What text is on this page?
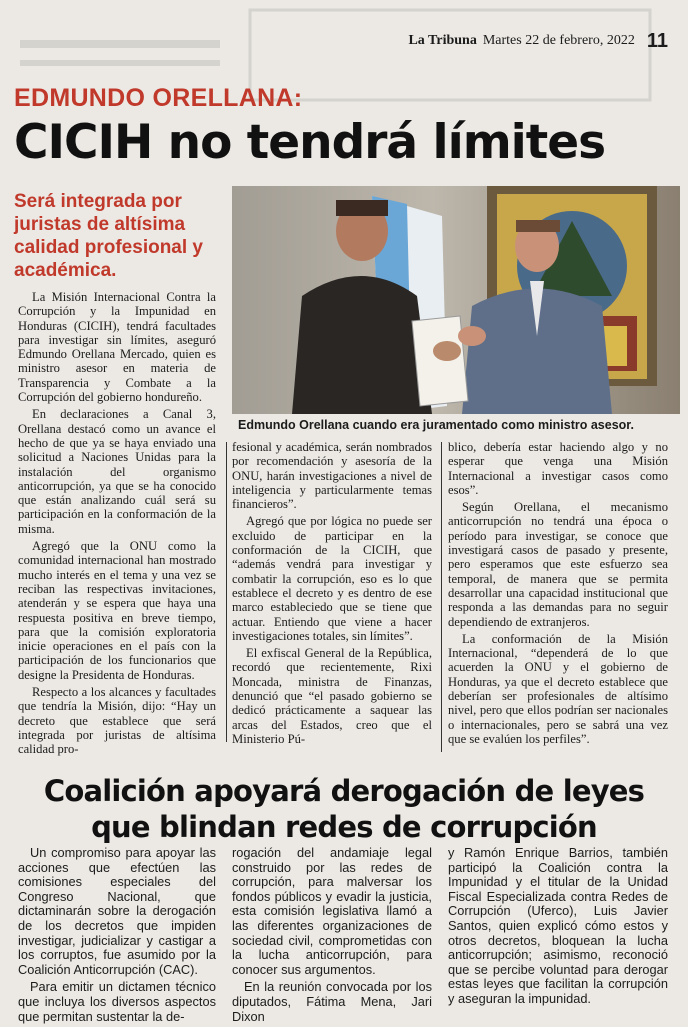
La Tribuna Martes 22 de febrero, 2022 11
EDMUNDO ORELLANA:
CICIH no tendrá límites
Será integrada por juristas de altísima calidad profesional y académica.
Edmundo Orellana cuando era juramentado como ministro asesor.

La Misión Internacional Contra la Corrupción y la Impunidad en Honduras (CICIH), tendrá facultades para investigar sin límites, aseguró Edmundo Orellana Mercado, quien es ministro asesor en materia de Transparencia y Combate a la Corrupción del gobierno hondureño.

En declaraciones a Canal 3, Orellana destacó como un avance el hecho de que ya se haya enviado una solicitud a Naciones Unidas para la instalación del organismo anticorrupción, ya que se ha conocido que están analizando cuál será su participación en la conformación de la misma.

Agregó que la ONU como la comunidad internacional han mostrado mucho interés en el tema y una vez se reciban las respectivas invitaciones, atenderán y se espera que haya una respuesta positiva en breve tiempo, para que la comisión exploratoria inicie operaciones en el país con la participación de los funcionarios que designe la Presidenta de Honduras.

Respecto a los alcances y facultades que tendría la Misión, dijo: “Hay un decreto que establece que será integrada por juristas de altísima calidad pro-

fesional y académica, serán nombrados por recomendación y asesoría de la ONU, harán investigaciones a nivel de inteligencia y particularmente temas financieros”.

Agregó que por lógica no puede ser excluido de participar en la conformación de la CICIH, que “además vendrá para investigar y combatir la corrupción, eso es lo que establece el decreto y es dentro de ese marco estableciedo que se tiene que actuar. Entiendo que viene a hacer investigaciones totales, sin límites”.

El exfiscal General de la República, recordó que recientemente, Rixi Moncada, ministra de Finanzas, denunció que “el pasado gobierno se dedicó prácticamente a saquear las arcas del Estados, creo que el Ministerio Pú-

blico, debería estar haciendo algo y no esperar que venga una Misión Internacional a investigar casos como esos”.

Según Orellana, el mecanismo anticorrupción no tendrá una época o período para investigar, se conoce que investigará casos de pasado y presente, pero esperamos que este esfuerzo sea temporal, de manera que se permita desarrollar una capacidad institucional que responda a las demandas para no seguir dependiendo de extranjeros.

La conformación de la Misión Internacional, “dependerá de lo que acuerden la ONU y el gobierno de Honduras, ya que el decreto establece que deberían ser profesionales de altísimo nivel, pero que ellos podrían ser nacionales o internacionales, pero se sabrá una vez que se evalúen los perfiles”.

Coalición apoyará derogación de leyes
que blindan redes de corrupción

Un compromiso para apoyar las acciones que efectúen las comisiones especiales del Congreso Nacional, que dictaminarán sobre la derogación de los decretos que impiden investigar, judicializar y castigar a los corruptos, fue asumido por la Coalición Anticorrupción (CAC).

Para emitir un dictamen técnico que incluya los diversos aspectos que permitan sustentar la de-

rogación del andamiaje legal construido por las redes de corrupción, para malversar los fondos públicos y evadir la justicia, esta comisión legislativa llamó a las diferentes organizaciones de sociedad civil, comprometidas con la lucha anticorrupción, para conocer sus argumentos.

En la reunión convocada por los diputados, Fátima Mena, Jari Dixon

y Ramón Enrique Barrios, también participó la Coalición contra la Impunidad y el titular de la Unidad Fiscal Especializada contra Redes de Corrupción (Uferco), Luis Javier Santos, quien explicó cómo estos y otros decretos, bloquean la lucha anticorrupción; asimismo, reconoció que se percibe voluntad para derogar estas leyes que facilitan la corrupción y aseguran la impunidad.
